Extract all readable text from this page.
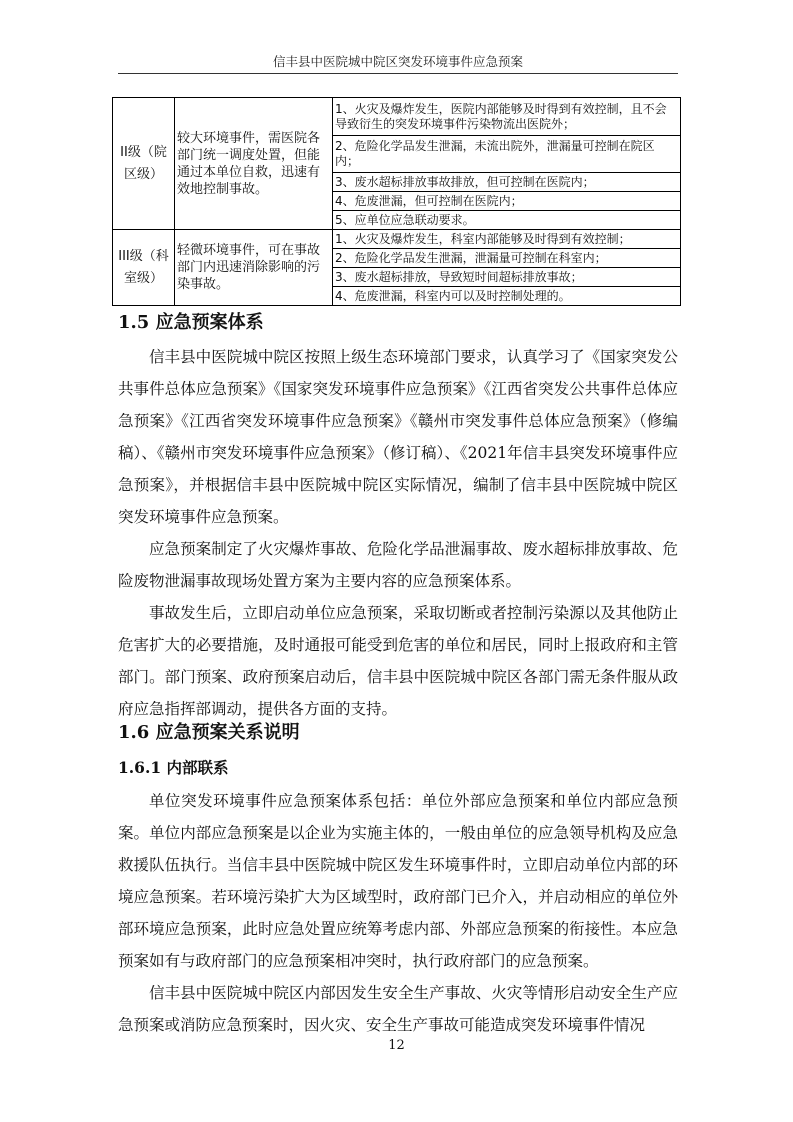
信丰县中医院城中院区突发环境事件应急预案
II级（院区级）	较大环境事件，需医院各部门统一调度处置，但能通过本单位自救，迅速有效地控制事故。	1、火灾及爆炸发生，医院内部能够及时得到有效控制，且不会导致衍生的突发环境事件污染物流出医院外；
		2、危险化学品发生泄漏，未流出院外，泄漏量可控制在院区内；
		3、废水超标排放事故排放，但可控制在医院内；
		4、危废泄漏，但可控制在医院内；
		5、应单位应急联动要求。
III级（科室级）	轻微环境事件，可在事故部门内迅速消除影响的污染事故。	1、火灾及爆炸发生，科室内部能够及时得到有效控制；
		2、危险化学品发生泄漏，泄漏量可控制在科室内；
		3、废水超标排放，导致短时间超标排放事故；
		4、危废泄漏，科室内可以及时控制处理的。
1.5 应急预案体系

信丰县中医院城中院区按照上级生态环境部门要求，认真学习了《国家突发公共事件总体应急预案》《国家突发环境事件应急预案》《江西省突发公共事件总体应急预案》《江西省突发环境事件应急预案》《赣州市突发事件总体应急预案》（修编稿）、《赣州市突发环境事件应急预案》（修订稿）、《2021年信丰县突发环境事件应急预案》，并根据信丰县中医院城中院区实际情况，编制了信丰县中医院城中院区突发环境事件应急预案。

应急预案制定了火灾爆炸事故、危险化学品泄漏事故、废水超标排放事故、危险废物泄漏事故现场处置方案为主要内容的应急预案体系。

事故发生后，立即启动单位应急预案，采取切断或者控制污染源以及其他防止危害扩大的必要措施，及时通报可能受到危害的单位和居民，同时上报政府和主管部门。部门预案、政府预案启动后，信丰县中医院城中院区各部门需无条件服从政府应急指挥部调动，提供各方面的支持。

1.6 应急预案关系说明
1.6.1 内部联系

单位突发环境事件应急预案体系包括：单位外部应急预案和单位内部应急预案。单位内部应急预案是以企业为实施主体的，一般由单位的应急领导机构及应急救援队伍执行。当信丰县中医院城中院区发生环境事件时，立即启动单位内部的环境应急预案。若环境污染扩大为区域型时，政府部门已介入，并启动相应的单位外部环境应急预案，此时应急处置应统筹考虑内部、外部应急预案的衔接性。本应急预案如有与政府部门的应急预案相冲突时，执行政府部门的应急预案。

信丰县中医院城中院区内部因发生安全生产事故、火灾等情形启动安全生产应急预案或消防应急预案时，因火灾、安全生产事故可能造成突发环境事件情况

12
